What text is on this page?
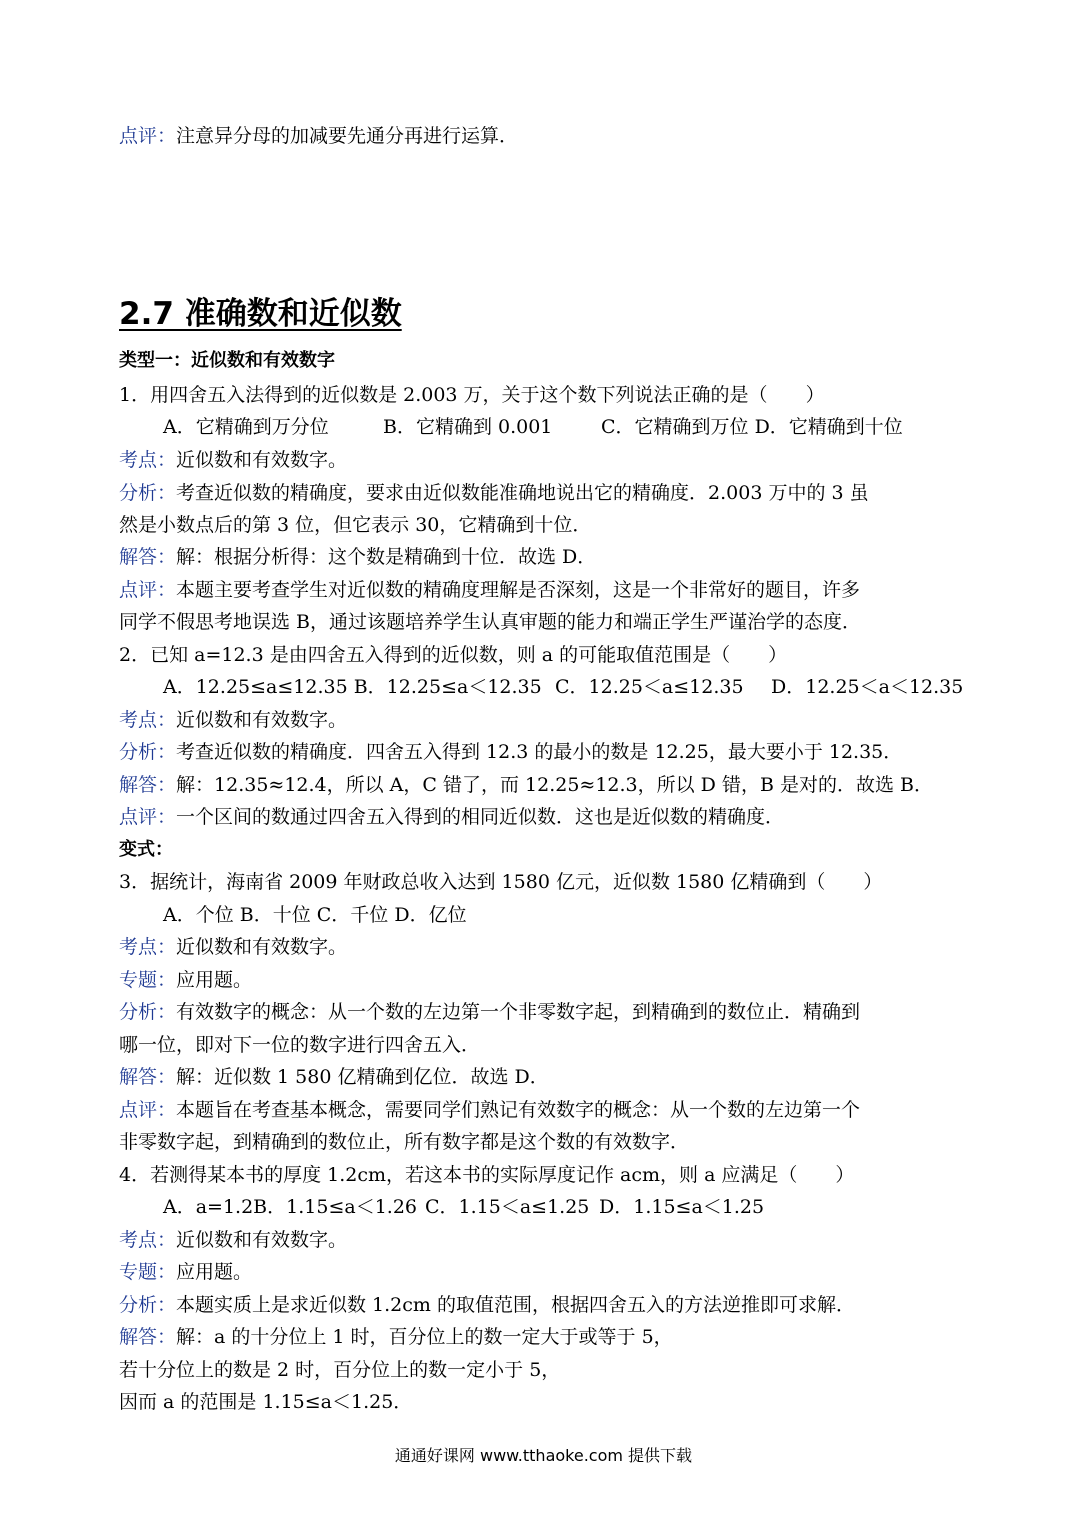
点评：注意异分母的加减要先通分再进行运算．
2.7 准确数和近似数
类型一：近似数和有效数字
1．用四舍五入法得到的近似数是 2.003 万，关于这个数下列说法正确的是（　　）
A．它精确到万分位	B．它精确到 0.001	C．它精确到万位 D．它精确到十位
考点：近似数和有效数字。
分析：考查近似数的精确度，要求由近似数能准确地说出它的精确度．2.003 万中的 3 虽
然是小数点后的第 3 位，但它表示 30，它精确到十位．
解答：解：根据分析得：这个数是精确到十位．故选 D．
点评：本题主要考查学生对近似数的精确度理解是否深刻，这是一个非常好的题目，许多
同学不假思考地误选 B，通过该题培养学生认真审题的能力和端正学生严谨治学的态度．
2．已知 a=12.3 是由四舍五入得到的近似数，则 a 的可能取值范围是（　　）
A．12.25≤a≤12.35 B．12.25≤a＜12.35 C．12.25＜a≤12.35 D．12.25＜a＜12.35
考点：近似数和有效数字。
分析：考查近似数的精确度．四舍五入得到 12.3 的最小的数是 12.25，最大要小于 12.35．
解答：解：12.35≈12.4，所以 A，C 错了，而 12.25≈12.3，所以 D 错，B 是对的．故选 B．
点评：一个区间的数通过四舍五入得到的相同近似数．这也是近似数的精确度．
变式：
3．据统计，海南省 2009 年财政总收入达到 1580 亿元，近似数 1580 亿精确到（　　）
A．个位 B．十位 C．千位 D．亿位
考点：近似数和有效数字。
专题：应用题。
分析：有效数字的概念：从一个数的左边第一个非零数字起，到精确到的数位止．精确到
哪一位，即对下一位的数字进行四舍五入．
解答：解：近似数 1 580 亿精确到亿位．故选 D．
点评：本题旨在考查基本概念，需要同学们熟记有效数字的概念：从一个数的左边第一个
非零数字起，到精确到的数位止，所有数字都是这个数的有效数字．
4．若测得某本书的厚度 1.2cm，若这本书的实际厚度记作 acm，则 a 应满足（　　）
A．a=1.2B．1.15≤a＜1.26 C．1.15＜a≤1.25 D．1.15≤a＜1.25
考点：近似数和有效数字。
专题：应用题。
分析：本题实质上是求近似数 1.2cm 的取值范围，根据四舍五入的方法逆推即可求解．
解答：解：a 的十分位上 1 时，百分位上的数一定大于或等于 5，
若十分位上的数是 2 时，百分位上的数一定小于 5，
因而 a 的范围是 1.15≤a＜1.25．
通通好课网 www.tthaoke.com 提供下载
